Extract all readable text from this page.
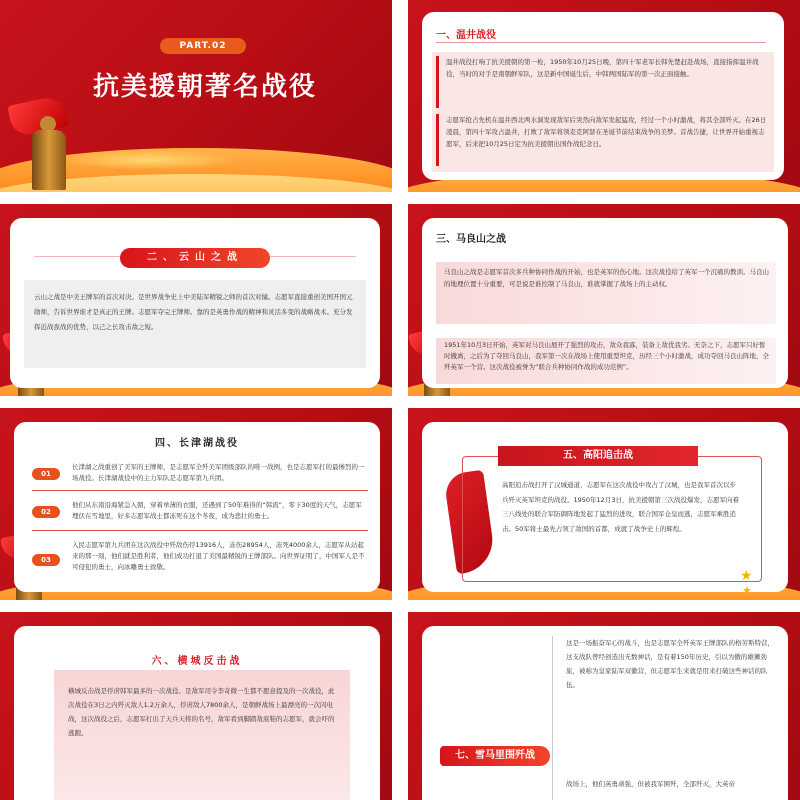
PART.02
抗美援朝著名战役
一、温井战役
温井战役打响了抗美援朝的第一枪，1950年10月25日晚，第四十军老军长韩先楚赶赴战场，直接指挥温井战役，当时的对手是南朝鲜军队，这是新中国诞生后，中韩两国陆军的第一次正面接触。
志愿军抢占先机在温井西北两水洞发现敌军后突然向敌军发起猛攻，经过一个小时激战，将其全部歼灭。在26日凌晨，第四十军攻占温井，打败了敌军将领麦克阿瑟在圣诞节前结束战争的美梦。首战告捷，让世界开始重视志愿军，后来把10月25日定为抗美援朝出国作战纪念日。
二、云山之战
云山之战是中美王牌军的首次对决。是世界战争史上中美陆军精锐之师的首次对撞。志愿军直接重创美国开国元勋师，告诉世界谁才是真正的王牌。志愿军夺完王牌师。靠的是英勇作战的精神和灵活多变的战略战术。充分发挥近战夜战的优势，以己之长攻击敌之短。
三、马良山之战
马良山之战是志愿军首次多兵种协同作战的开始，也是英军的伤心地。这次战役给了英军一个沉痛的教训。马良山的地理位置十分重要，可是说是谁控制了马良山，谁就掌握了战场上的主动权。
1951年10月3日开始，英军对马良山展开了强烈的攻击，敌众我寡，装备上敌优我劣。无奈之下，志愿军只好暂时撤离，之后为了夺回马良山，我军第一次在战场上使用重型坦克，历经三个小时激战，成功夺回马良山阵地，全歼英军一个营。这次战役被誉为“联合兵种协同作战的成功范例”。
四、长津湖战役
01
长津湖之战重创了美军的王牌师，是志愿军全歼美军团级部队的唯一战例，也是志愿军打的最惨烈的一场战役。长津湖战役中的主力军队是志愿军第九兵团。
02
他们从东南沿海紧急入朝，穿着单薄的衣服，还遇到了50年难得的“韩流”，零下30度的天气，志愿军埋伏在雪地里，好多志愿军战士都冻死在这个冬夜，成为悲壮的勇士。
03
入民志愿军第九兵团在这次战役中歼敌伤俘13916人，冻伤28954人，冻死4000余人，志愿军从站起来的那一刻，他们就是胜利者，他们成功打退了美国最精锐的王牌部队。向世界证明了，中国军人是不可侵犯的勇士，向冰雕勇士致敬。
五、高阳追击战
高阳追击战打开了汉城通道，志愿军在这次战役中攻占了汉城，也是我军首次以步兵歼灭英军坦克的战役。1950年12月3日，抗美援朝第三次战役爆发，志愿军向着三八线处的联合军防御阵地发起了猛烈的进攻，联合国军仓皇而逃，志愿军乘胜追击。50军将士最先占领了敌国的首都，成就了战争史上的辉煌。
★
★
六、横城反击战
横城反击战是俘虏韩军最多的一次战役。是敌军司令李奇微一生都不愿意提及的一次战役，此次战役在3日之内歼灭敌人1.2万余人，俘虏敌人7800余人，是朝鲜战场上最漂亮的一次闪电战，这次战役之后，志愿军打出了天兵天将的名号，敌军看到脚踏敌底鞋的志愿军，就会吓的逃跑。
七、雪马里围歼战
这是一场振奋军心的战斗，也是志愿军全歼英军王牌部队的格劳斯特营，这支战队曾经创造出无数神话，是有着150年历史，引以为傲的雄狮劲旅，被称为皇家陆军双徽营，但志愿军生来就是用来打破这些神话的队伍。
战场上，他们英勇顽强，但被我军围歼，全部歼灭，大英帝
